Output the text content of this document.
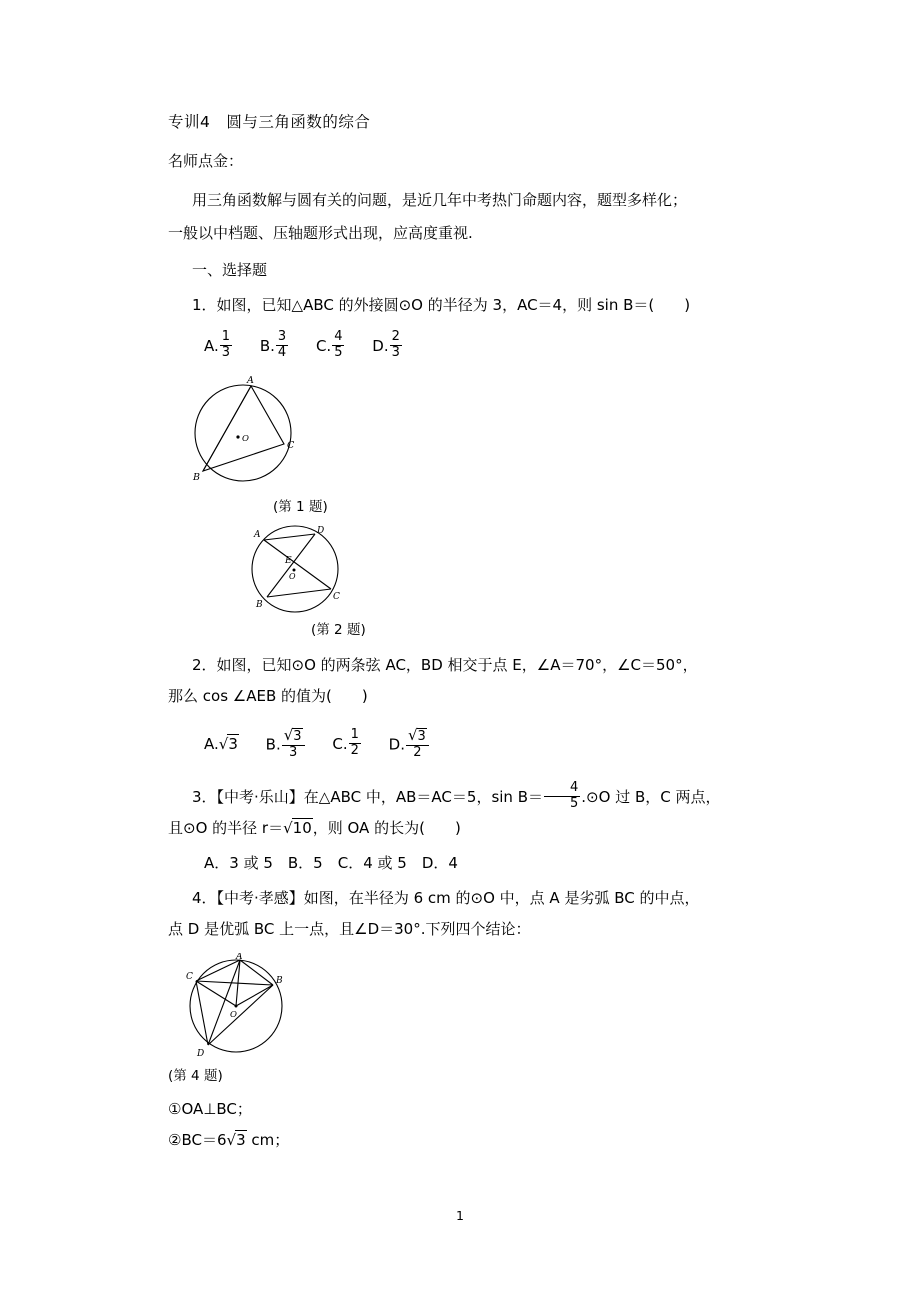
专训4　圆与三角函数的综合
名师点金：

用三角函数解与圆有关的问题，是近几年中考热门命题内容，题型多样化；

一般以中档题、压轴题形式出现，应高度重视.

一、选择题
1．如图，已知△ABC 的外接圆⊙O 的半径为 3，AC＝4，则 sin B＝(　　)
A. $\frac{1}{3} B$. $\frac{3}{4} C$. $\frac{4}{5} D$. $\frac{2}{3}$
A
B
C
O
(第 1 题)
A	D
B
C
E
O
(第 2 题)
2．如图，已知⊙O 的两条弦 AC，BD 相交于点 E，∠A＝70°，∠C＝50°，
那么 cos ∠AEB 的值为(　　)
A.√3 B. $\frac{√3}{3} C$. $\frac{1}{2} D$. $\frac{√3}{2}$
3．【中考·乐山】在△ABC 中，AB＝AC＝5，$\sin B= \frac{4}{5}$ .⊙O 过 B，C 两点，
且⊙O 的半径 r＝√10，则 OA 的长为(　　)
A．3 或 5　B．5　C．4 或 5　D．4
4．【中考·孝感】如图，在半径为 6 cm 的⊙O 中，点 A 是劣弧 BC 的中点，
点 D 是优弧 BC 上一点，且∠D＝30°.下列四个结论：
A
C	B
D
O
(第 4 题)
①OA⊥BC；
②BC＝6√3 cm；
1
